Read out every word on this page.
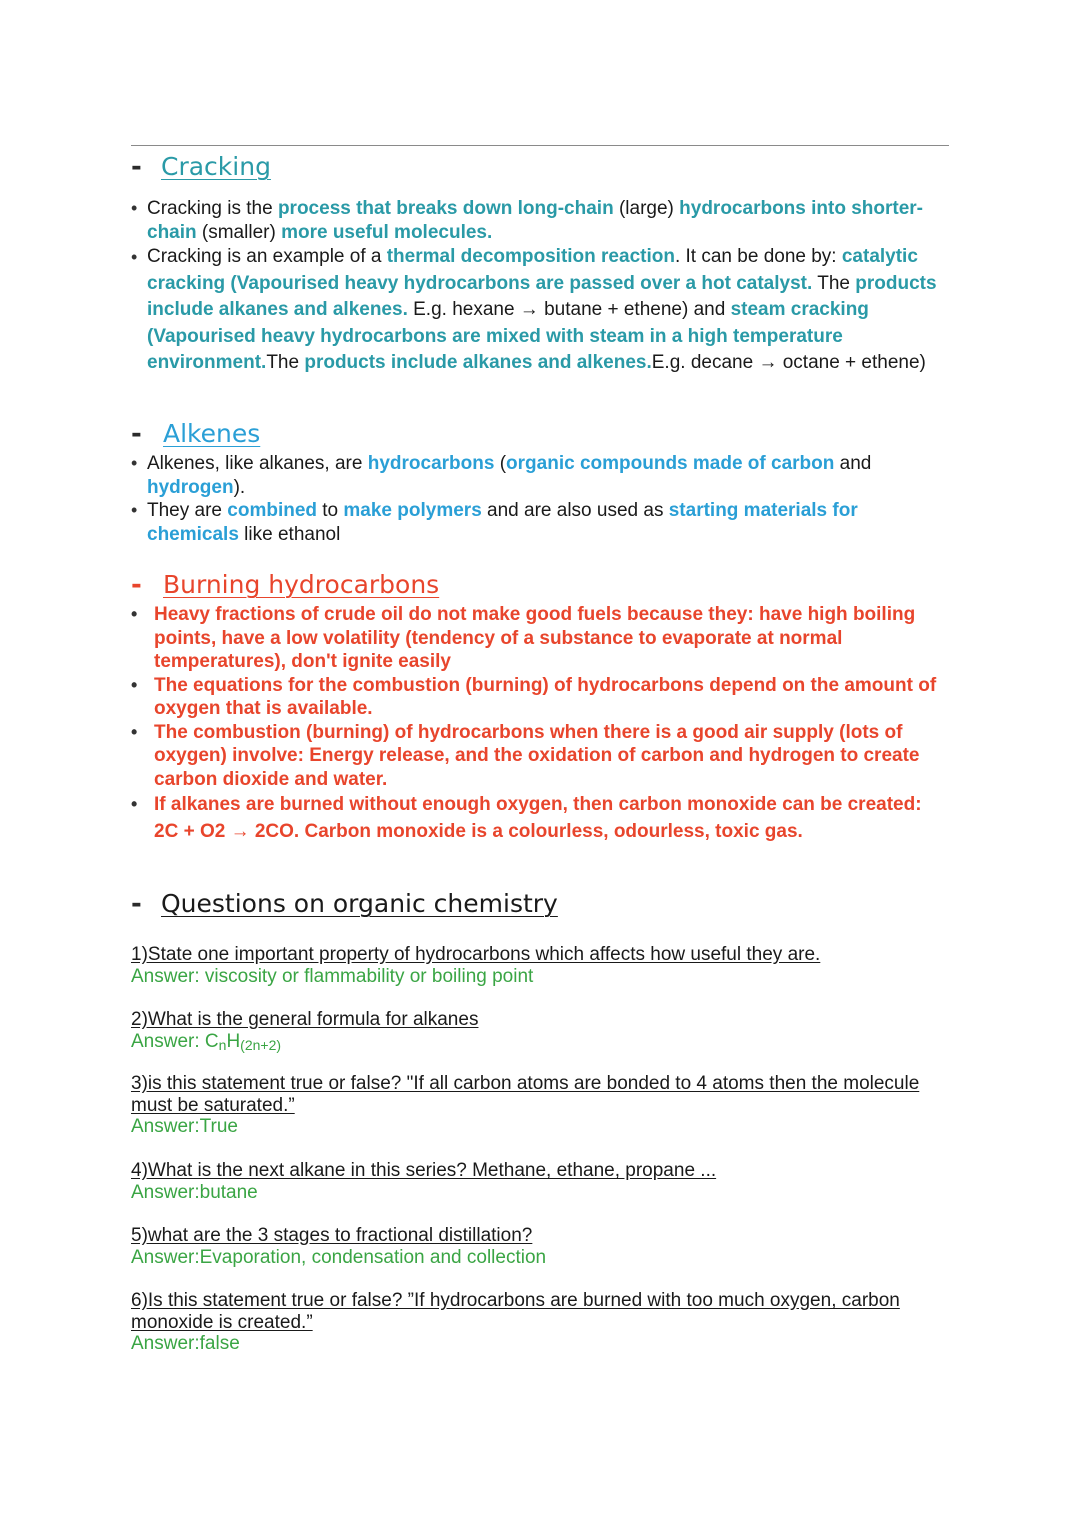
- Cracking
• Cracking is the process that breaks down long-chain (large) hydrocarbons into shorter-chain (smaller) more useful molecules.
• Cracking is an example of a thermal decomposition reaction. It can be done by: catalytic cracking (Vapourised heavy hydrocarbons are passed over a hot catalyst. The products include alkanes and alkenes. E.g. hexane → butane + ethene) and steam cracking (Vapourised heavy hydrocarbons are mixed with steam in a high temperature environment.The products include alkanes and alkenes.E.g. decane → octane + ethene)
- Alkenes
• Alkenes, like alkanes, are hydrocarbons (organic compounds made of carbon and hydrogen).
• They are combined to make polymers and are also used as starting materials for chemicals like ethanol
- Burning hydrocarbons
• Heavy fractions of crude oil do not make good fuels because they: have high boiling points, have a low volatility (tendency of a substance to evaporate at normal temperatures), don't ignite easily
• The equations for the combustion (burning) of hydrocarbons depend on the amount of oxygen that is available.
• The combustion (burning) of hydrocarbons when there is a good air supply (lots of oxygen) involve: Energy release, and the oxidation of carbon and hydrogen to create carbon dioxide and water.
• If alkanes are burned without enough oxygen, then carbon monoxide can be created: 2C + O2 → 2CO. Carbon monoxide is a colourless, odourless, toxic gas.
- Questions on organic chemistry
1)State one important property of hydrocarbons which affects how useful they are.
Answer: viscosity or flammability or boiling point
2)What is the general formula for alkanes
Answer: $C_nH_{(2n+2)}$
3)is this statement true or false? "If all carbon atoms are bonded to 4 atoms then the molecule must be saturated.”
Answer:True
4)What is the next alkane in this series? Methane, ethane, propane ...
Answer:butane
5)what are the 3 stages to fractional distillation?
Answer:Evaporation, condensation and collection
6)Is this statement true or false? ”If hydrocarbons are burned with too much oxygen, carbon monoxide is created.”
Answer:false
